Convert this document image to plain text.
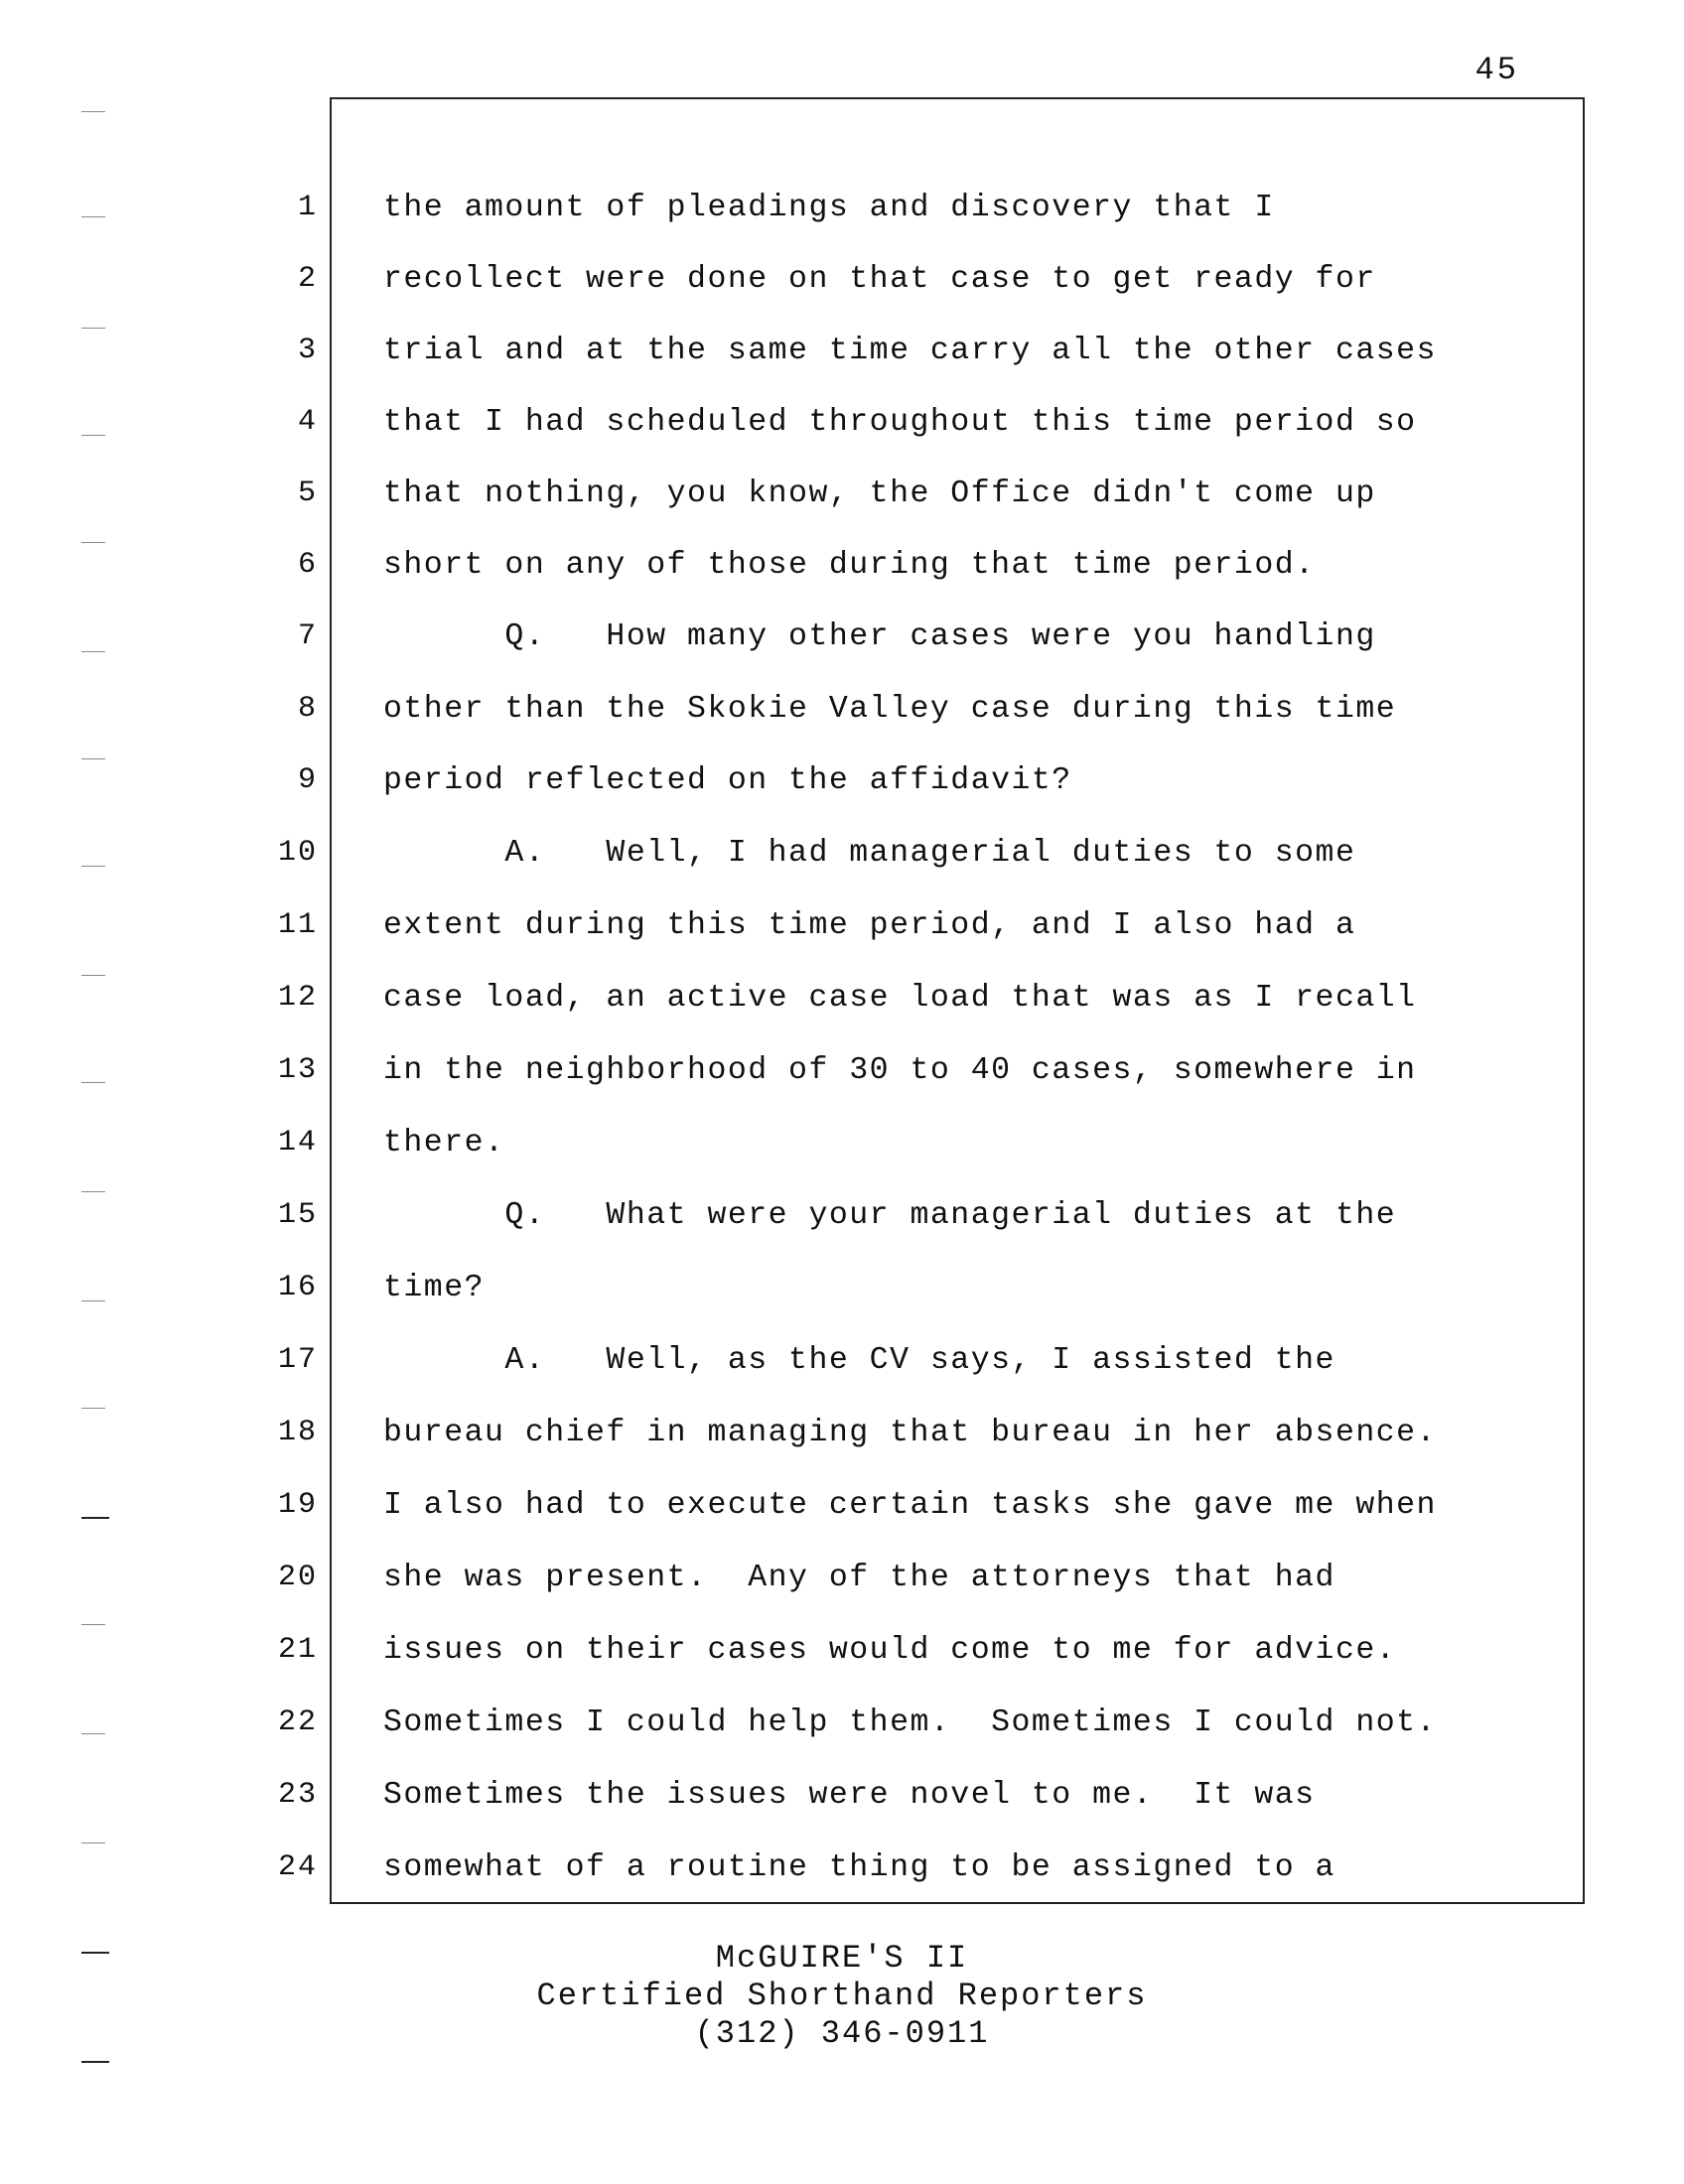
45
1 the amount of pleadings and discovery that I
2 recollect were done on that case to get ready for
3 trial and at the same time carry all the other cases
4 that I had scheduled throughout this time period so
5 that nothing, you know, the Office didn't come up
6 short on any of those during that time period.
7 Q.   How many other cases were you handling
8 other than the Skokie Valley case during this time
9 period reflected on the affidavit?
10 A.   Well, I had managerial duties to some
11 extent during this time period, and I also had a
12 case load, an active case load that was as I recall
13 in the neighborhood of 30 to 40 cases, somewhere in
14 there.
15 Q.   What were your managerial duties at the
16 time?
17 A.   Well, as the CV says, I assisted the
18 bureau chief in managing that bureau in her absence.
19 I also had to execute certain tasks she gave me when
20 she was present.  Any of the attorneys that had
21 issues on their cases would come to me for advice.
22 Sometimes I could help them.  Sometimes I could not.
23 Sometimes the issues were novel to me.  It was
24 somewhat of a routine thing to be assigned to a
McGUIRE'S II
Certified Shorthand Reporters
(312) 346-0911
